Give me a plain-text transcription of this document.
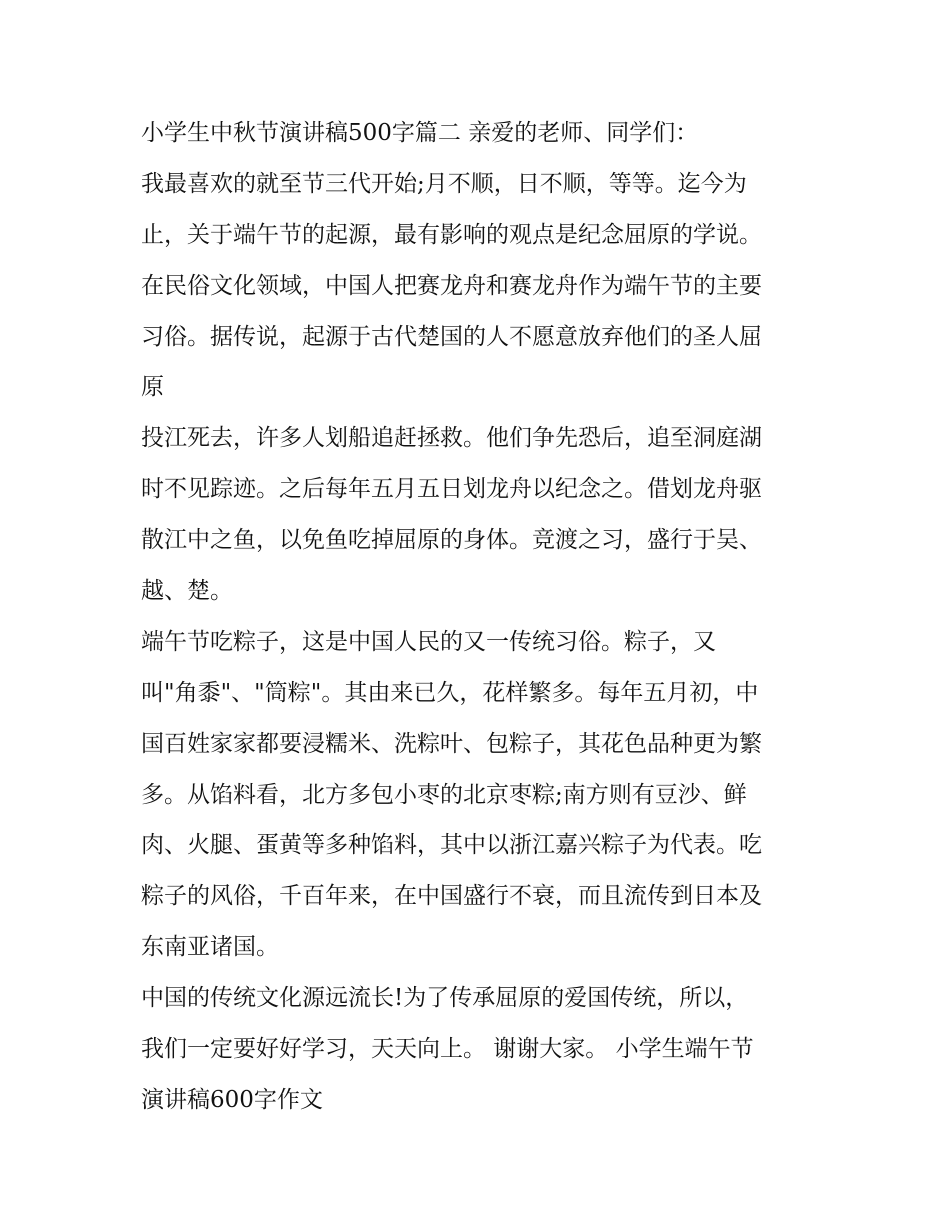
小学生中秋节演讲稿500字篇二 亲爱的老师、同学们：
我最喜欢的就至节三代开始;月不顺，日不顺，等等。迄今为
止，关于端午节的起源，最有影响的观点是纪念屈原的学说。
在民俗文化领域，中国人把赛龙舟和赛龙舟作为端午节的主要
习俗。据传说，起源于古代楚国的人不愿意放弃他们的圣人屈
原
投江死去，许多人划船追赶拯救。他们争先恐后，追至洞庭湖
时不见踪迹。之后每年五月五日划龙舟以纪念之。借划龙舟驱
散江中之鱼，以免鱼吃掉屈原的身体。竞渡之习，盛行于吴、
越、楚。
端午节吃粽子，这是中国人民的又一传统习俗。粽子，又
叫"角黍"、"筒粽"。其由来已久，花样繁多。每年五月初，中
国百姓家家都要浸糯米、洗粽叶、包粽子，其花色品种更为繁
多。从馅料看，北方多包小枣的北京枣粽;南方则有豆沙、鲜
肉、火腿、蛋黄等多种馅料，其中以浙江嘉兴粽子为代表。吃
粽子的风俗，千百年来，在中国盛行不衰，而且流传到日本及
东南亚诸国。
中国的传统文化源远流长!为了传承屈原的爱国传统，所以，
我们一定要好好学习，天天向上。 谢谢大家。 小学生端午节
演讲稿600字作文
